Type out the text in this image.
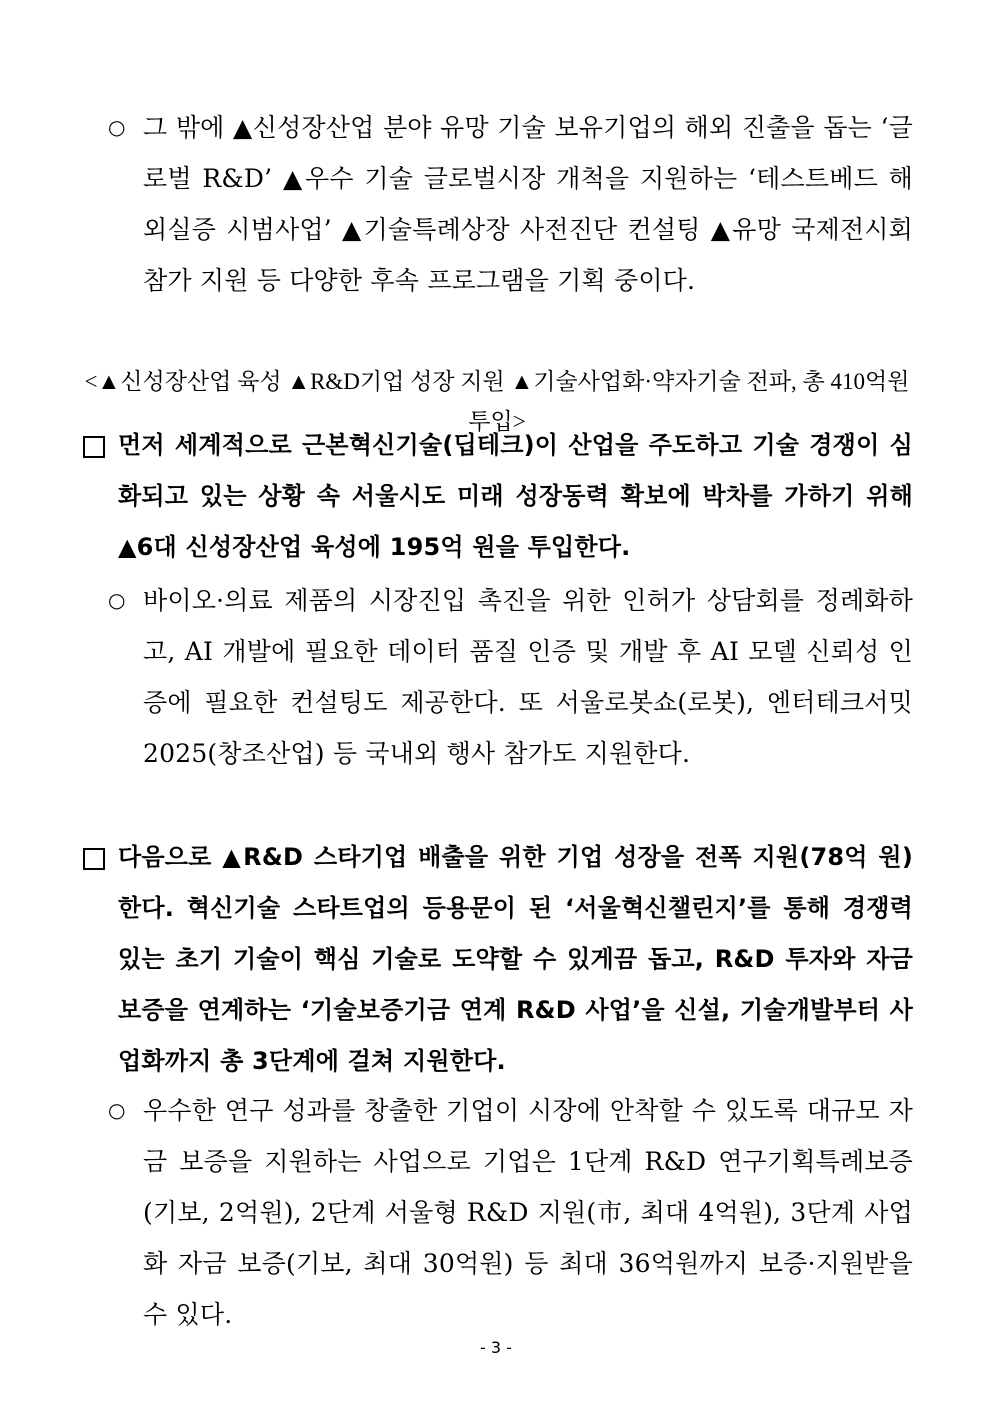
○ 그 밖에 ▲신성장산업 분야 유망 기술 보유기업의 해외 진출을 돕는 ‘글로벌 R&D’ ▲우수 기술 글로벌시장 개척을 지원하는 ‘테스트베드 해외실증 시범사업’ ▲기술특례상장 사전진단 컨설팅 ▲유망 국제전시회 참가 지원 등 다양한 후속 프로그램을 기획 중이다.

<▲신성장산업 육성 ▲R&D기업 성장 지원 ▲기술사업화·약자기술 전파, 총 410억원 투입>

먼저 세계적으로 근본혁신기술(딥테크)이 산업을 주도하고 기술 경쟁이 심화되고 있는 상황 속 서울시도 미래 성장동력 확보에 박차를 가하기 위해 ▲6대 신성장산업 육성에 195억 원을 투입한다.

○ 바이오·의료 제품의 시장진입 촉진을 위한 인허가 상담회를 정례화하고, AI 개발에 필요한 데이터 품질 인증 및 개발 후 AI 모델 신뢰성 인증에 필요한 컨설팅도 제공한다. 또 서울로봇쇼(로봇), 엔터테크서밋 2025(창조산업) 등 국내외 행사 참가도 지원한다.

다음으로 ▲R&D 스타기업 배출을 위한 기업 성장을 전폭 지원(78억 원)한다. 혁신기술 스타트업의 등용문이 된 ‘서울혁신챌린지’를 통해 경쟁력 있는 초기 기술이 핵심 기술로 도약할 수 있게끔 돕고, R&D 투자와 자금 보증을 연계하는 ‘기술보증기금 연계 R&D 사업’을 신설, 기술개발부터 사업화까지 총 3단계에 걸쳐 지원한다.

○ 우수한 연구 성과를 창출한 기업이 시장에 안착할 수 있도록 대규모 자금 보증을 지원하는 사업으로 기업은 1단계 R&D 연구기획특례보증(기보, 2억원), 2단계 서울형 R&D 지원(市, 최대 4억원), 3단계 사업화 자금 보증(기보, 최대 30억원) 등 최대 36억원까지 보증·지원받을 수 있다.

- 3 -
